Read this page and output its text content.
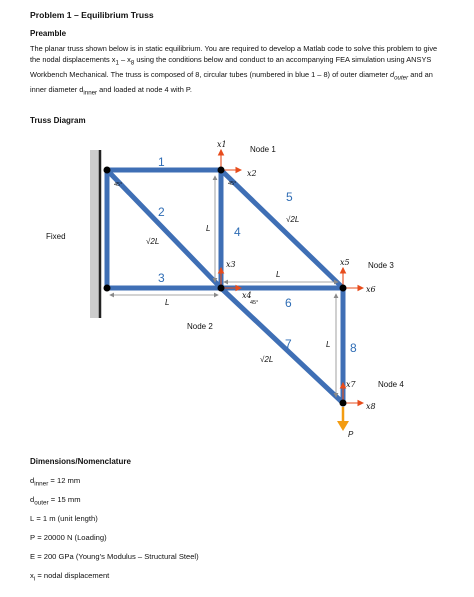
Problem 1 – Equilibrium Truss
Preamble
The planar truss shown below is in static equilibrium. You are required to develop a Matlab code to solve this problem to give the nodal displacements $x_1 - x_8$ using the conditions below and conduct to an accompanying FEA simulation using ANSYS Workbench Mechanical. The truss is composed of 8, circular tubes (numbered in blue 1 – 8) of outer diameter $d_{outer}$ and an inner diameter $d_{inner}$ and loaded at node 4 with P.
Truss Diagram
1
2
3
4
5
6
7	8
Node 1
Node 2
Node 3
Node 4
Fixed
P
L
L
L
L
√2L
√2L
√2L
45°	45°
45°
x1
x2
x3
x4
x5
x6
x7
x8
Dimensions/Nomenclature
$d_{inner} = 12$ mm
$d_{outer} = 15$ mm
L = 1 m (unit length)
P = 20000 N (Loading)
E = 200 GPa (Young’s Modulus – Structural Steel)
$x_i$ = nodal displacement
